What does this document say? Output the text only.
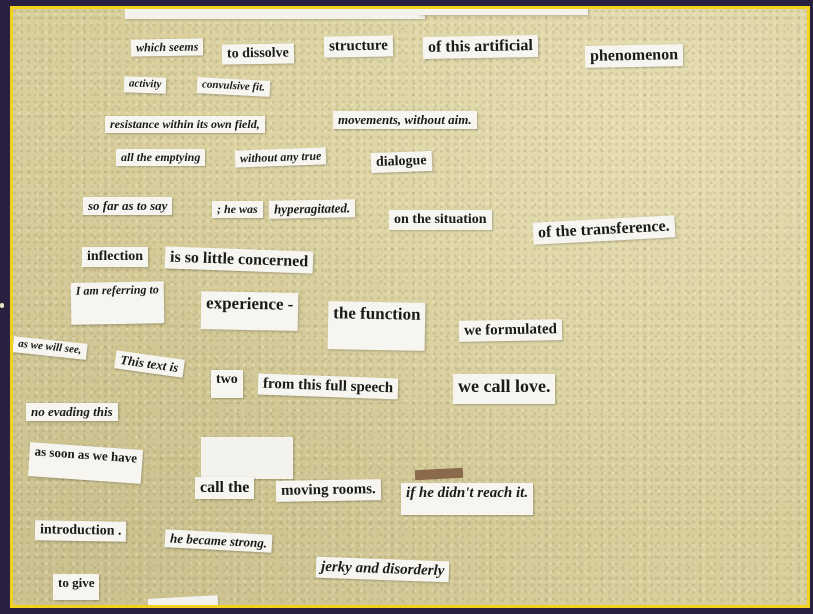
which seems	to dissolve	structure	of this artificial	phenomenon
activity	convulsive fit.
resistance within its own field,	movements, without aim.
all the emptying	without any true	dialogue
so far as to say	; he was	hyperagitated.
on the situation	of the transference.
inflection	is so little concerned
I am referring to
experience -	the function
we formulated
as we will see,
This text is
two	from this full speech	we call love.
no evading this
as soon as we have
call the	moving rooms.	if he didn't reach it.
introduction .	he became strong.
jerky and disorderly
to give
